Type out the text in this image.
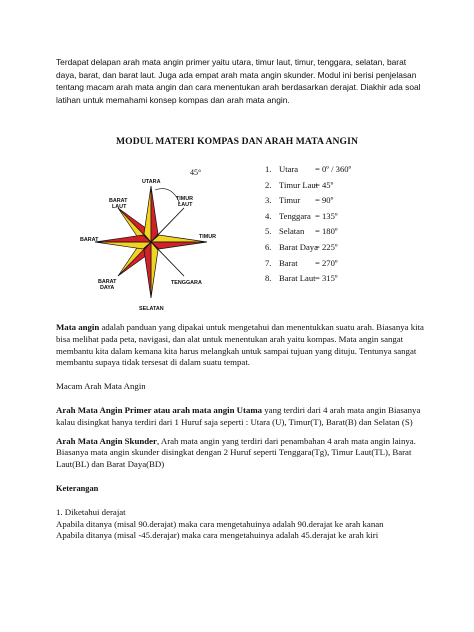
Terdapat delapan arah mata angin primer yaitu utara, timur laut, timur, tenggara, selatan, barat daya, barat, dan barat laut. Juga ada empat arah mata angin skunder. Modul ini berisi penjelasan tentang macam arah mata angin dan cara menentukan arah berdasarkan derajat. Diakhir ada soal latihan untuk memahami konsep kompas dan arah mata angin.
MODUL MATERI KOMPAS DAN ARAH MATA ANGIN
45°
UTARA
TIMUR
LAUT
TIMUR
TENGGARA
SELATAN
BARAT
DAYA
BARAT
BARAT
LAUT
1. Utara = 0º / 360º
2. Timur Laut
= 45º
3. Timur = 90º
4. Tenggara = 135º
5. Selatan = 180º
6. Barat Daya
= 225º
7. Barat = 270º
8. Barat Laut = 315º

Mata angin adalah panduan yang dipakai untuk mengetahui dan menentukkan suatu arah. Biasanya kita bisa melihat pada peta, navigasi, dan alat untuk menentukan arah yaitu kompas. Mata angin sangat membantu kita dalam kemana kita harus melangkah untuk sampai tujuan yang dituju. Tentunya sangat membantu supaya tidak tersesat di dalam suatu tempat.

Macam Arah Mata Angin

Arah Mata Angin Primer atau arah mata angin Utama yang terdiri dari 4 arah mata angin Biasanya kalau disingkat hanya terdiri dari 1 Huruf saja seperti : Utara (U), Timur(T), Barat(B) dan Selatan (S)

Arah Mata Angin Skunder, Arah mata angin yang terdiri dari penambahan 4 arah mata angin lainya. Biasanya mata angin skunder disingkat dengan 2 Huruf seperti Tenggara(Tg), Timur Laut(TL), Barat Laut(BL) dan Barat Daya(BD)

Keterangan

1. Diketahui derajat

Apabila ditanya (misal 90.derajat) maka cara mengetahuinya adalah 90.derajat ke arah kanan

Apabila ditanya (misal -45.derajar) maka cara mengetahuinya adalah 45.derajat ke arah kiri
